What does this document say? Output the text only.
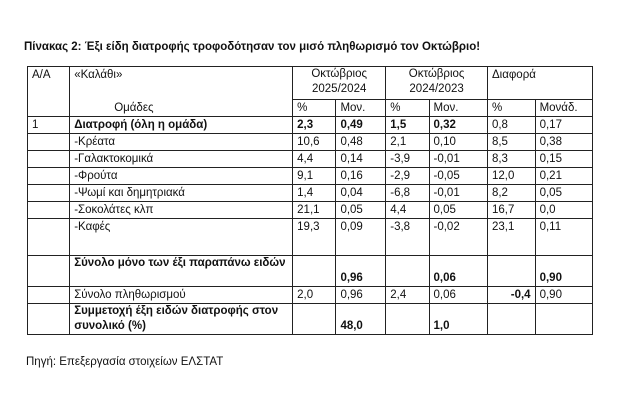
Πίνακας 2: Έξι είδη διατροφής τροφοδότησαν τον μισό πληθωρισμό τον Οκτώβριο!
Α/Α	«Καλάθι»	Οκτώβριος 2025/2024		Οκτώβριος 2024/2023		Διαφορά	
	Ομάδες	%	Μον.	%	Μον.	%	Μονάδ.
1	Διατροφή (όλη η ομάδα)	2,3	0,49	1,5	0,32	0,8	0,17
	-Κρέατα	10,6	0,48	2,1	0,10	8,5	0,38
	-Γαλακτοκομικά	4,4	0,14	-3,9	-0,01	8,3	0,15
	-Φρούτα	9,1	0,16	-2,9	-0,05	12,0	0,21
	-Ψωμί και δημητριακά	1,4	0,04	-6,8	-0,01	8,2	0,05
	-Σοκολάτες κλπ	21,1	0,05	4,4	0,05	16,7	0,0
	-Καφές	19,3	0,09	-3,8	-0,02	23,1	0,11
	Σύνολο μόνο των έξι παραπάνω ειδών		0,96		0,06		0,90
	Σύνολο πληθωρισμού	2,0	0,96	2,4	0,06	-0,4	0,90
	Συμμετοχή έξη ειδών διατροφής στον συνολικό (%)		48,0		1,0		
Πηγή: Επεξεργασία στοιχείων ΕΛΣΤΑΤ
